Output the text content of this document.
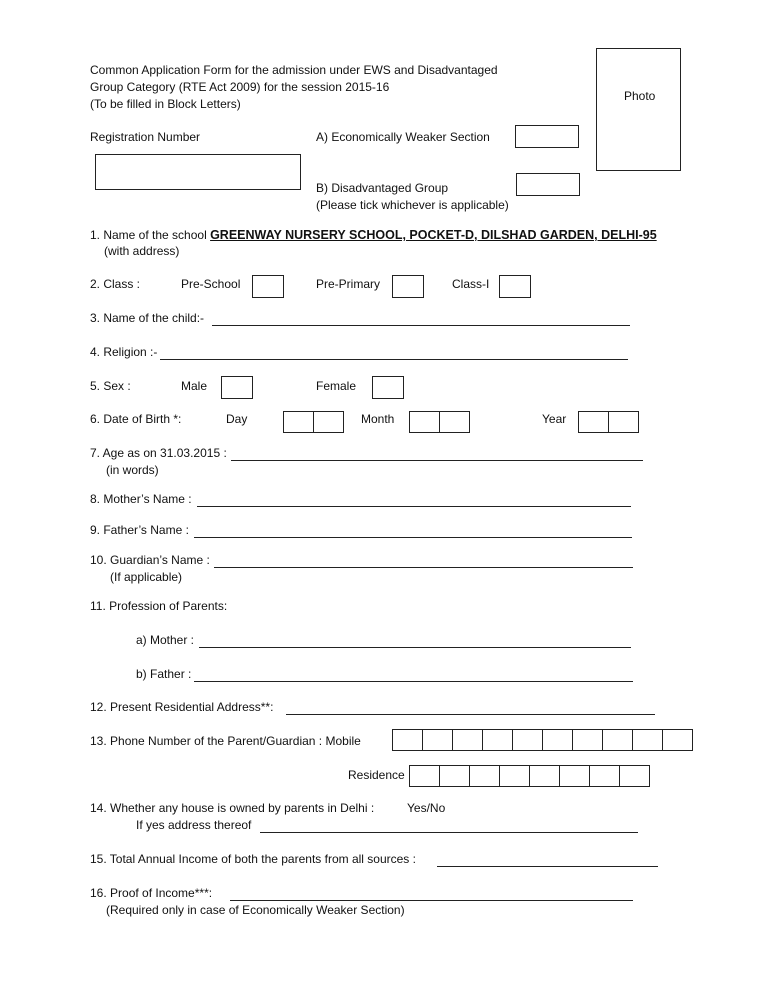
Common Application Form for the admission under EWS and Disadvantaged
Group Category (RTE Act 2009) for the session 2015-16
(To be filled in Block Letters)
Photo
Registration Number	A) Economically Weaker Section
B) Disadvantaged Group
(Please tick whichever is applicable)
1. Name of the school GREENWAY NURSERY SCHOOL, POCKET-D, DILSHAD GARDEN, DELHI-95
(with address)
2. Class :	Pre-School	Pre-Primary	Class-I
3. Name of the child:-
4. Religion :-
5. Sex :	Male	Female
6. Date of Birth *:	Day	Month	Year
7. Age as on 31.03.2015 :
(in words)
8. Mother’s Name :
9. Father’s Name :
10. Guardian’s Name :
(If applicable)
11. Profession of Parents:
a) Mother :
b) Father :
12. Present Residential Address**:
13. Phone Number of the Parent/Guardian : Mobile
Residence
14. Whether any house is owned by parents in Delhi :	Yes/No
If yes address thereof
15. Total Annual Income of both the parents from all sources :
16. Proof of Income***:
(Required only in case of Economically Weaker Section)
